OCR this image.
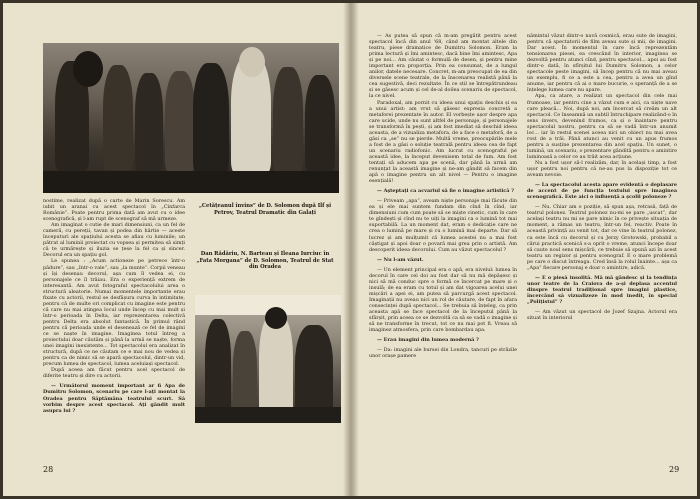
nostime, realizat după o carte de Marin Sorescu. Am iubit un aranai cu acest spectacol în „Cinfarca Românie”. Poate pentru prima dată am avut cu o idee scenografică, și l-am rupt de scenograf să mă urmeze.

Am imaginat o cutie de mari dimensiuni, ca un fel de cameră, cu pereții, tavan și podea din hârtie — aceste începuturi ale spațiului acesta se afiau cu luminile; un pătrat al luminii proiectat cu vopsea și permitea să simți că te urmărește și iluzia se țese la fel ca și sincer. Decorul era un spațiu gol.

Le spunea : „Acum actioneze pe petrece într-o pădure”, sau „Intr-o vale”, sau „la munte”. Corpii veneau și își desenau decorul, așa cum îl vedea ei, cu personajele ce îl trăiau. Era o experiență extrem de interesantă. Am avut fotograful spectacolului area o structură aleatorie. Numai momentele importante erau fixate cu actorii, restul se desfășura curva în intimitate, pentru că de multe ori complicat cu imagine este pentru că care nu mai atingea locul unde încep cu mai mult și într-o perioada în Delta, iar reprezentarea colectivă pentru Delta era absolut fantastică. În primul rând pentru că perioada unde el desenează ce fel de imagini ce se naște în imagine. Imaginea totul întreg a proiectului doar căutăm și până la urmă se naște, forma unei imagini inexistente... Tot spectacolul era analizat în structură, după ce ne căutam ce e mai nou de vedea și pentru ca de nimic să se apară spectacolul, dintr-un vid, precum lumea de spectacol, lumea aceluiași spectacol.

După aceea am făcut pentru acel spectacol de diferite teatru și dire cu actorii.

— Următorul moment important ar fi Apa de Dumitru Solomon, scenariu pe care l-ați montat la Oradea pentru Săptămâna teatrului scurt. Să vorbim despre acest spectacol. Ați gândit mult asupra lui ?

„Cetățeanul învins” de D. Solomon după Ilf și Petrov, Teatrul Dramatic din Galați
Dan Rădăriu, N. Barteau și Ileana Iurciuc în „Fata Morgana” de D. Solomon, Teatrul de Stat din Oradea
28

— As putea să spun că m-am pregătit pentru acest spectacol încă din anul '68, când am montat altele din teatru, piese dramatice de Dumitru Solomon. Eram la prima lectură și îmi amintesc, dacă bine îmi amintesc, Apa și pe noi... Am căutat o formulă de desen, și pentru mine important era proporția. Prin ea consumat, de a lungul anilor, datele necesare. Concret, m-am preocupat de ea din diversele scene teatrale, de la înscenarea realistă până la cea sugestivă, deci rezultate. În ce stil se întrepătrundeau și se găsesc acum și cel de-al doilea scenariu de spectacol, la ce nivel.

Paradoxal, am pornit cu ideea unui spațiu deschis și ea a unui artist: am vrut să găsesc expresia concretă a metaforei prezentate în autor. El vorbește ușor despre apa care ucide, unde nu sunt altfel de personaje, și personajele se transformă în pești, și am fost imediat să deschid ideea aceasta, de a vizualiza metafora, de a face o metaforă, de a găsi ca „se” nu se pierde. Multă vreme, preocupările mele a fost de a găsi o soluție teatrală pentru ideea cea de fapt un scenariu radiofonic. Am lucrat cu scenograful pe această idee, la început devenisem total de fum. Am fost tentați să aducem apa pe scenă, dar până la urmă am renunțat la această imagine și ne-am gândit să facem din apă o imagine pentru un alt nivel — Pentru o imagine esențială!

— Așteptați ca acvariul să fie o imagine artistică ?

— Priveam „apa”, aveam niște personaje mai făcute din ea și ele mai suntem fundam din cînd în cînd, iar dimensiuni cum cum poate să se miște cinetic, cum în care te gîndești și cînd nu te uiți la imagini ca o lumină tot mai suportabilă. La un moment dat, eram o dedicație care ne crea o lumină pe mare și cu o lumină mai departe. Dar să lucrez și am mulțumit că lumea acestei nu a mai fost câștigat și apoi doar o povară mai grea prin o artistă. Am descoperit ideea decorului. Cum au văzut spectacolul ?

— Nu l-am văzut.

— Un element principal era o apă, era nivelul: lumea în decorul în care cei doi au fost dar să nu mă depășesc și nici să mă conduc spre o formă ce încercat pe mare și o insulă; de ea eram cu totul și am dat vigoarea acelui unei mișcări a apei ei, am putea să parcurgă acest spectacol. Imaginații nu aveau nici un rol de căutare, de fapt în afara consecinței după spectacol... Se trebuia să înțeleg, ca prin aceasta apă se face spectacol de la începutul până la sfârșit, prin aceea ce se dezvoltă ca să se vadă o imagine și să ne transforme în trecut, tot ce nu mai pot fi. Vreau să imaginez atmosfera, prin care bombardau apa.

— Erau imagini din lumea modernă ?

— Da: imagini ale bursei din Londra, tancuri pe străzile unor orașe pamere

nămintul văzut dintr-o navă cosmică, erau sute de imagini, pentru că spectatorii de film aveau sute și mii, de imagini. Dar acest. În momentul în care încă reprezentăm tensionarea piesei, ea crescând în interior, imaginea se dezvoltă pentru atunci cînd, pentru spectacol... apoi au fost dintr-o dată, în sfîrșitul lui Dumitru Solomon, a celor spectacole peste imagini, să încep pentru că nu mai aveau un exemplu, fi ce a este a cea, pentru a avea un gînd anume, iar pentru că ai o mare bucurie, o speranță de a se înțelege lumea care nu apare.

Apa, ca atare, a realizat un spectacol din cele mai frumoase, iar pentru cine a văzut cum e aici, ca niște nave care pleacă... Noi, după noi, am încercat să creăm un alt spectacol. Ce înseamnă un subtil întruchipare realizând-o în sens invers, devenind frumos, ca și o înaintare pentru spectacolul nostru, pentru ca să se vadă într-un anumit loc... iar în restul scenei aceea nici un obiect nu mai avea rost de a trăi. Până atunci au venit cu un apus frumos pentru a susține prezentarea din acel spațiu. Un sunet, o lumină, un scenariu, o prezentare gândită pentru o amintire luminoasă a celor ce au trăit acea acțiune.

Nu a fost ușor să-l realizăm, dar, în același timp, a fost ușor pentru noi pentru că ne-au pus la dispoziție tot ce aveam nevoie.

— La spectacolul acesta apare evidentă o deplasare de accent de pe funcția textului spre imaginea scenografică. Este aici o influență a școlii poloneze ?

— Nu. Chiar am o poziție, să spun așa, retrasă, față de teatrul polonez. Teatrul polonez nu-mi se pare „uscat”, dar același teatru nu mi se pare nimic în ce privește situația de moment, a rămas un teatru, într-un fel, reactiv. Poate în această privință au venit tot, dar ce vine în teatrul polonez, ca este încă cu decorul și cu Jerzy Grotowski, probabil a cărui practică scenică s-a oprit o vreme, atunci începe doar să caute noul sens mișcării, ce trebuie să spună azi în acest teatru un regizor și pentru scenograf. E o mare problemă pe care o discut întreaga. Cred însă la rolul înainte... așa ca „Apa” fiecare personaj e doar o amintire, adică.

— E o piesă insolită. Mă mă gândesc și la tendința unor teatre de la Craiova de a-și deplasa accentul dinspre teatrul tradițional spre imagini plastice, încercând să vizualizeze în mod inedit, în special „Polițistul” ?

— Am văzut un spectacol de Jozef Szajna. Actorul era situat în interiorul

29
